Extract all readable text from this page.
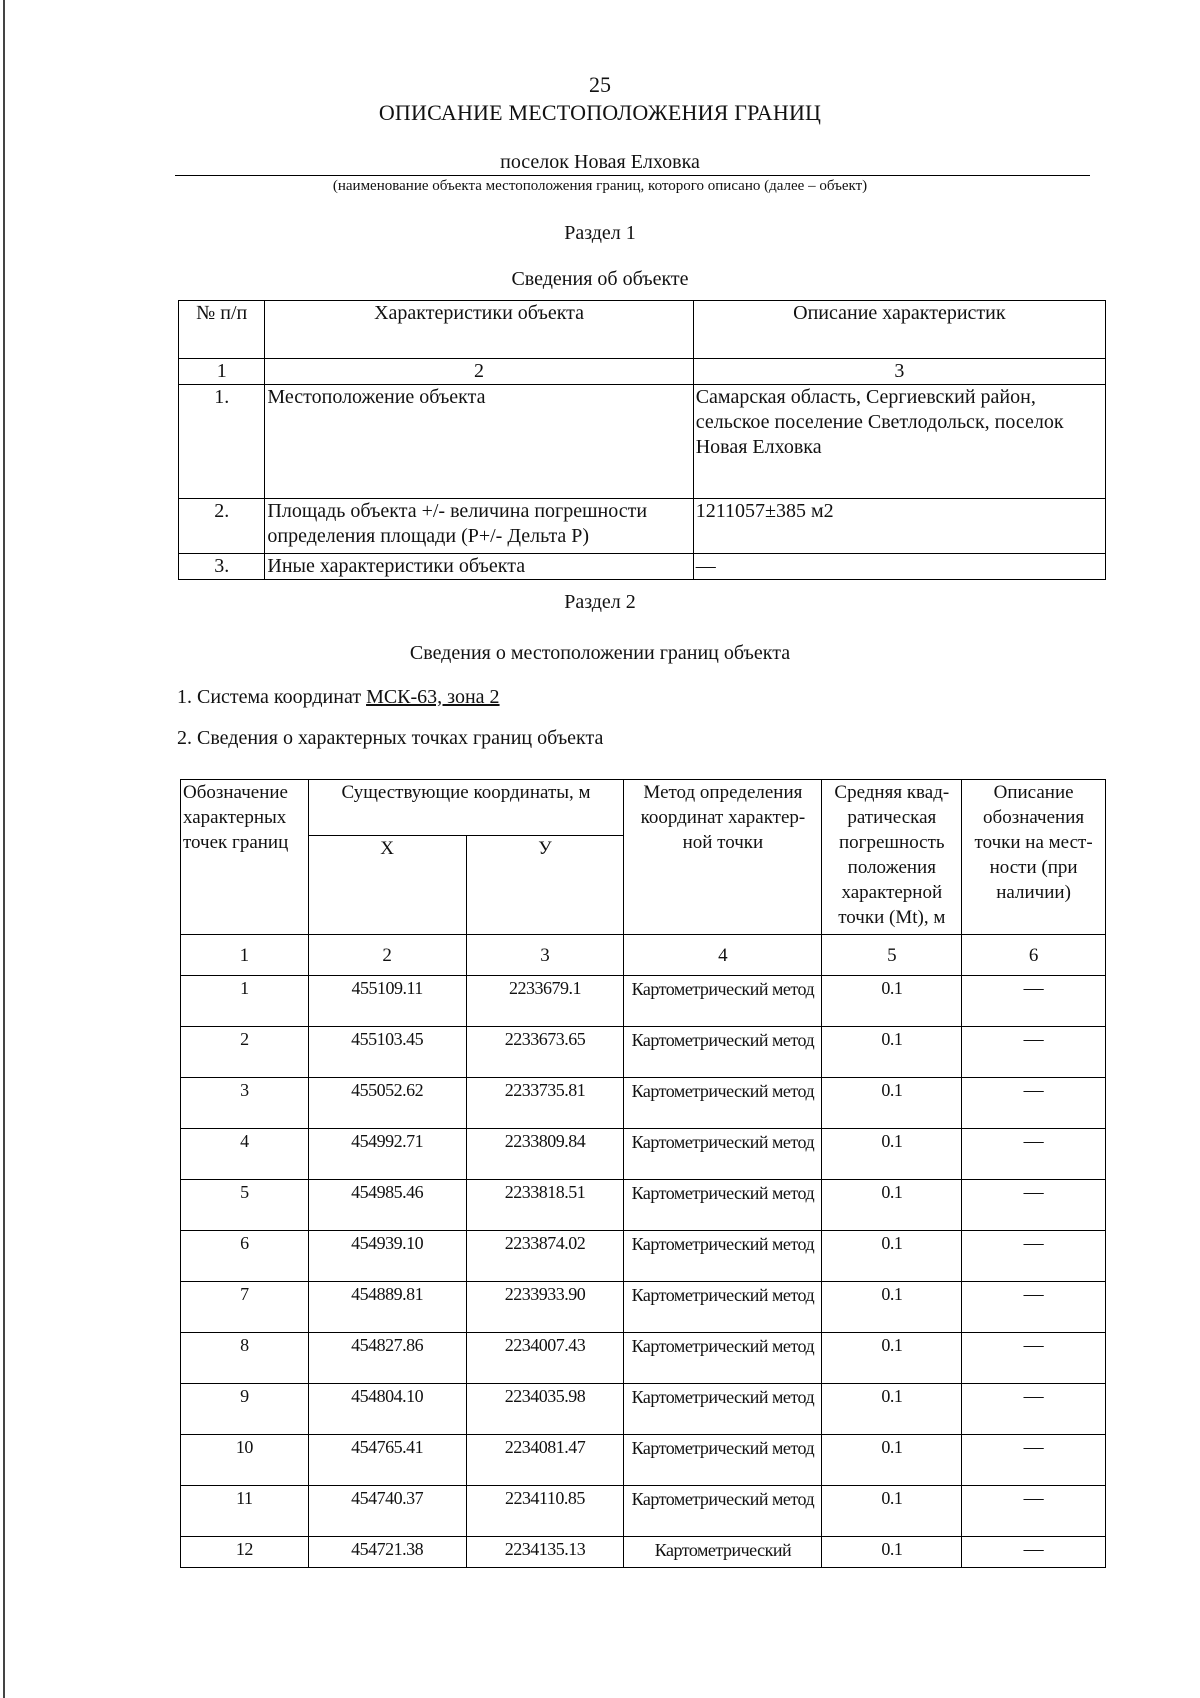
25
ОПИСАНИЕ МЕСТОПОЛОЖЕНИЯ ГРАНИЦ
поселок Новая Елховка
(наименование объекта местоположения границ, которого описано (далее – объект)
Раздел 1
Сведения об объекте
№ п/п	Характеристики объекта	Описание характеристик
1	2	3
1.	Местоположение объекта	Самарская область, Сергиевский район, сельское поселение Светлодольск, поселок Новая Елховка
2.	Площадь объекта +/- величина погрешности определения площади (Р+/- Дельта Р)	1211057±385 м2
3.	Иные характеристики объекта	—
Раздел 2
Сведения о местоположении границ объекта
1. Система координат МСК-63, зона 2
2. Сведения о характерных точках границ объекта
Обозначение характерных точек границ	Существующие координаты, м		Метод определения координат характер-ной точки	Средняя квад-ратическая погрешность положения характерной точки (Mt), м	Описание обозначения точки на мест-ности (при наличии)
	X	У			
1	2	3	4	5	6
1	455109.11	2233679.1	Картометрический метод	0.1	—
2	455103.45	2233673.65	Картометрический метод	0.1	—
3	455052.62	2233735.81	Картометрический метод	0.1	—
4	454992.71	2233809.84	Картометрический метод	0.1	—
5	454985.46	2233818.51	Картометрический метод	0.1	—
6	454939.10	2233874.02	Картометрический метод	0.1	—
7	454889.81	2233933.90	Картометрический метод	0.1	—
8	454827.86	2234007.43	Картометрический метод	0.1	—
9	454804.10	2234035.98	Картометрический метод	0.1	—
10	454765.41	2234081.47	Картометрический метод	0.1	—
11	454740.37	2234110.85	Картометрический метод	0.1	—
12	454721.38	2234135.13	Картометрический	0.1	—
